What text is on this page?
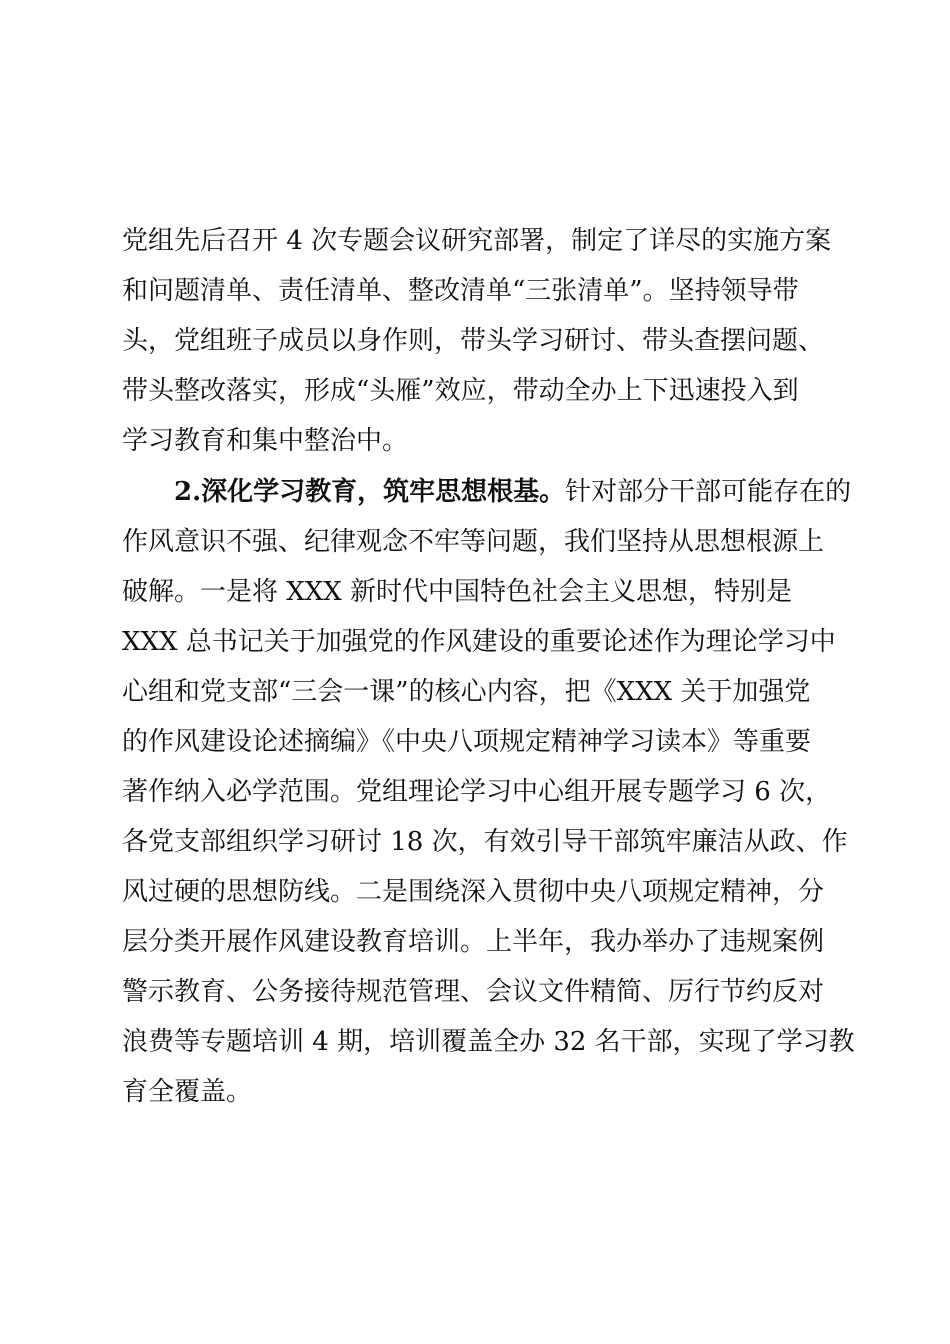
党组先后召开 4 次专题会议研究部署，制定了详尽的实施方案
和问题清单、责任清单、整改清单“三张清单”。坚持领导带
头，党组班子成员以身作则，带头学习研讨、带头查摆问题、
带头整改落实，形成“头雁”效应，带动全办上下迅速投入到
学习教育和集中整治中。
2.深化学习教育，筑牢思想根基。针对部分干部可能存在的
作风意识不强、纪律观念不牢等问题，我们坚持从思想根源上
破解。一是将 XXX 新时代中国特色社会主义思想，特别是
XXX 总书记关于加强党的作风建设的重要论述作为理论学习中
心组和党支部“三会一课”的核心内容，把《XXX 关于加强党
的作风建设论述摘编》《中央八项规定精神学习读本》等重要
著作纳入必学范围。党组理论学习中心组开展专题学习 6 次，
各党支部组织学习研讨 18 次，有效引导干部筑牢廉洁从政、作
风过硬的思想防线。二是围绕深入贯彻中央八项规定精神，分
层分类开展作风建设教育培训。上半年，我办举办了违规案例
警示教育、公务接待规范管理、会议文件精简、厉行节约反对
浪费等专题培训 4 期，培训覆盖全办 32 名干部，实现了学习教
育全覆盖。
